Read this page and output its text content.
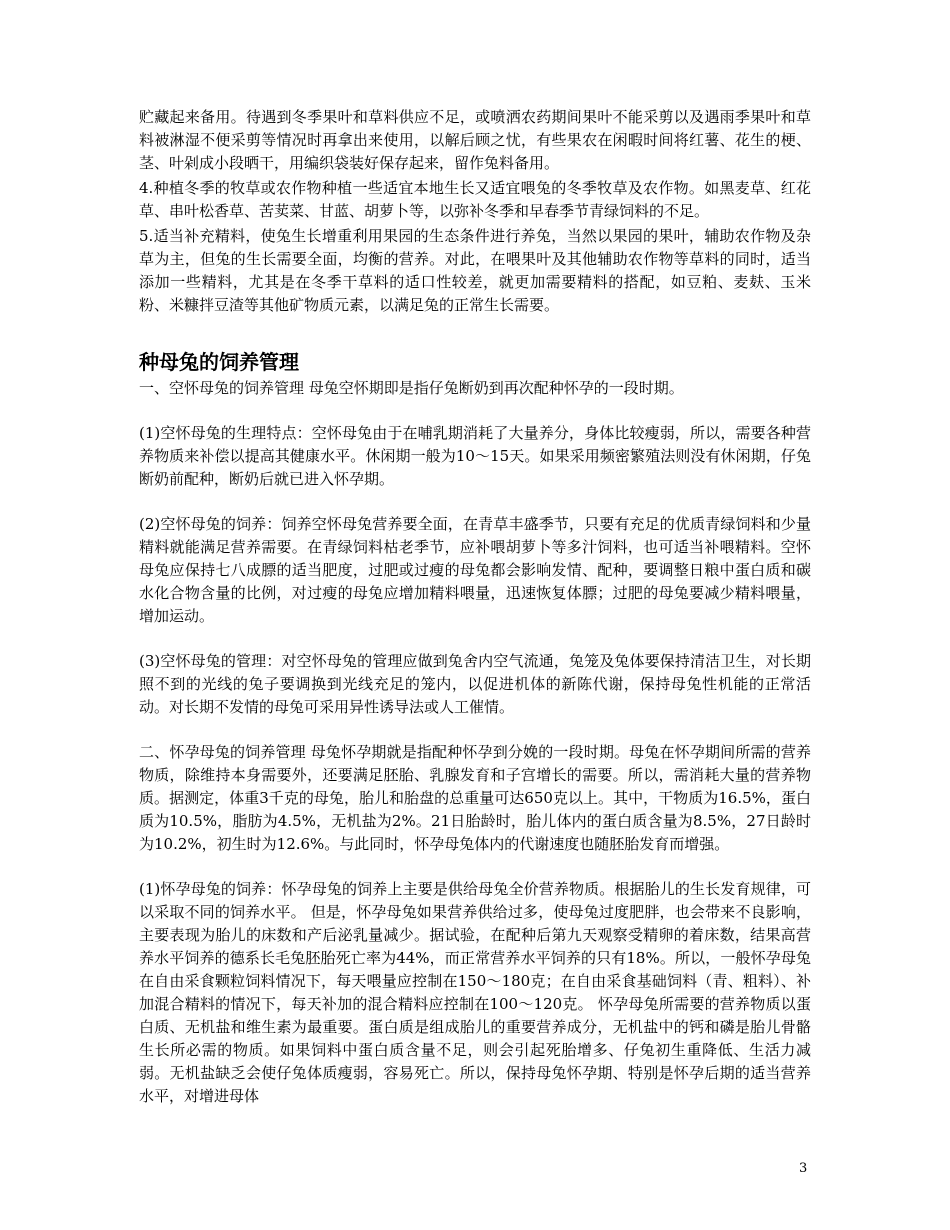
贮藏起来备用。待遇到冬季果叶和草料供应不足，或喷洒农药期间果叶不能采剪以及遇雨季果叶和草料被淋湿不便采剪等情况时再拿出来使用，以解后顾之忧，有些果农在闲暇时间将红薯、花生的梗、茎、叶剁成小段晒干，用编织袋装好保存起来，留作兔料备用。

4.种植冬季的牧草或农作物种植一些适宜本地生长又适宜喂兔的冬季牧草及农作物。如黑麦草、红花草、串叶松香草、苦荬菜、甘蓝、胡萝卜等，以弥补冬季和早春季节青绿饲料的不足。

5.适当补充精料，使兔生长增重利用果园的生态条件进行养兔，当然以果园的果叶，辅助农作物及杂草为主，但兔的生长需要全面，均衡的营养。对此，在喂果叶及其他辅助农作物等草料的同时，适当添加一些精料，尤其是在冬季干草料的适口性较差，就更加需要精料的搭配，如豆粕、麦麸、玉米粉、米糠拌豆渣等其他矿物质元素，以满足兔的正常生长需要。

种母兔的饲养管理

一、空怀母兔的饲养管理 母兔空怀期即是指仔兔断奶到再次配种怀孕的一段时期。

(1)空怀母兔的生理特点：空怀母兔由于在哺乳期消耗了大量养分，身体比较瘦弱，所以，需要各种营养物质来补偿以提高其健康水平。休闲期一般为10～15天。如果采用频密繁殖法则没有休闲期，仔兔断奶前配种，断奶后就已进入怀孕期。

(2)空怀母兔的饲养：饲养空怀母兔营养要全面，在青草丰盛季节，只要有充足的优质青绿饲料和少量精料就能满足营养需要。在青绿饲料枯老季节，应补喂胡萝卜等多汁饲料，也可适当补喂精料。空怀母兔应保持七八成膘的适当肥度，过肥或过瘦的母兔都会影响发情、配种，要调整日粮中蛋白质和碳水化合物含量的比例，对过瘦的母兔应增加精料喂量，迅速恢复体膘；过肥的母兔要减少精料喂量，增加运动。

(3)空怀母兔的管理：对空怀母兔的管理应做到兔舍内空气流通，兔笼及兔体要保持清洁卫生，对长期照不到的光线的兔子要调换到光线充足的笼内，以促进机体的新陈代谢，保持母兔性机能的正常活动。对长期不发情的母兔可采用异性诱导法或人工催情。

二、怀孕母兔的饲养管理 母兔怀孕期就是指配种怀孕到分娩的一段时期。母兔在怀孕期间所需的营养物质，除维持本身需要外，还要满足胚胎、乳腺发育和子宫增长的需要。所以，需消耗大量的营养物质。据测定，体重3千克的母兔，胎儿和胎盘的总重量可达650克以上。其中，干物质为16.5%，蛋白质为10.5%，脂肪为4.5%，无机盐为2%。21日胎龄时，胎儿体内的蛋白质含量为8.5%，27日龄时为10.2%，初生时为12.6%。与此同时，怀孕母兔体内的代谢速度也随胚胎发育而增强。

(1)怀孕母兔的饲养：怀孕母兔的饲养上主要是供给母兔全价营养物质。根据胎儿的生长发育规律，可以采取不同的饲养水平。 但是，怀孕母兔如果营养供给过多，使母兔过度肥胖，也会带来不良影响，主要表现为胎儿的床数和产后泌乳量减少。据试验，在配种后第九天观察受精卵的着床数，结果高营养水平饲养的德系长毛兔胚胎死亡率为44%，而正常营养水平饲养的只有18%。所以，一般怀孕母兔在自由采食颗粒饲料情况下，每天喂量应控制在150～180克；在自由采食基础饲料（青、粗料）、补加混合精料的情况下，每天补加的混合精料应控制在100～120克。 怀孕母兔所需要的营养物质以蛋白质、无机盐和维生素为最重要。蛋白质是组成胎儿的重要营养成分，无机盐中的钙和磷是胎儿骨骼生长所必需的物质。如果饲料中蛋白质含量不足，则会引起死胎增多、仔兔初生重降低、生活力减弱。无机盐缺乏会使仔兔体质瘦弱，容易死亡。所以，保持母兔怀孕期、特别是怀孕后期的适当营养水平，对增进母体

3
